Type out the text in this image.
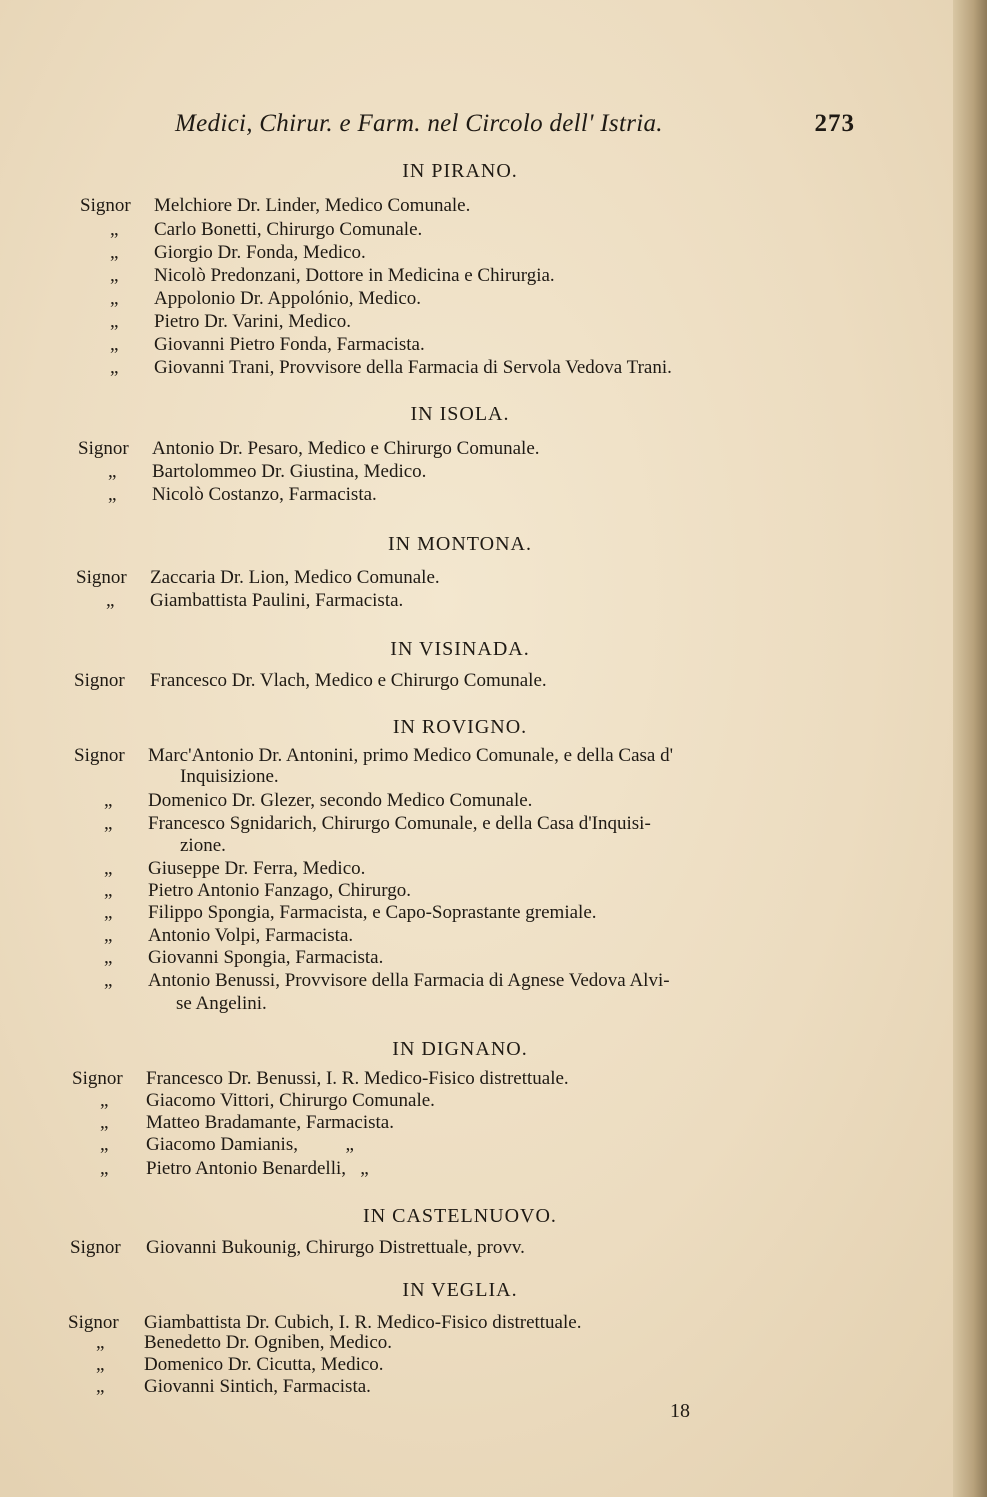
Medici, Chirur. e Farm. nel Circolo dell' Istria.	273
IN PIRANO.
Signor Melchiore Dr. Linder, Medico Comunale.
„ Carlo Bonetti, Chirurgo Comunale.
„ Giorgio Dr. Fonda, Medico.
„ Nicolò Predonzani, Dottore in Medicina e Chirurgia.
„ Appolonio Dr. Appolónio, Medico.
„ Pietro Dr. Varini, Medico.
„ Giovanni Pietro Fonda, Farmacista.
„ Giovanni Trani, Provvisore della Farmacia di Servola Vedova Trani.
IN ISOLA.
Signor Antonio Dr. Pesaro, Medico e Chirurgo Comunale.
„ Bartolommeo Dr. Giustina, Medico.
„ Nicolò Costanzo, Farmacista.
IN MONTONA.
Signor Zaccaria Dr. Lion, Medico Comunale.
„ Giambattista Paulini, Farmacista.
IN VISINADA.
Signor Francesco Dr. Vlach, Medico e Chirurgo Comunale.
IN ROVIGNO.
Signor Marc'Antonio Dr. Antonini, primo Medico Comunale, e della Casa d'
Inquisizione.
„ Domenico Dr. Glezer, secondo Medico Comunale.
„ Francesco Sgnidarich, Chirurgo Comunale, e della Casa d'Inquisi-
zione.
„ Giuseppe Dr. Ferra, Medico.
„ Pietro Antonio Fanzago, Chirurgo.
„ Filippo Spongia, Farmacista, e Capo-Soprastante gremiale.
„ Antonio Volpi, Farmacista.
„ Giovanni Spongia, Farmacista.
„ Antonio Benussi, Provvisore della Farmacia di Agnese Vedova Alvi-
se Angelini.
IN DIGNANO.
Signor Francesco Dr. Benussi, I. R. Medico-Fisico distrettuale.
„ Giacomo Vittori, Chirurgo Comunale.
„ Matteo Bradamante, Farmacista.
„ Giacomo Damianis,          „
„ Pietro Antonio Benardelli,   „
IN CASTELNUOVO.
Signor Giovanni Bukounig, Chirurgo Distrettuale, provv.
IN VEGLIA.
Signor Giambattista Dr. Cubich, I. R. Medico-Fisico distrettuale.
„ Benedetto Dr. Ogniben, Medico.
„ Domenico Dr. Cicutta, Medico.
„ Giovanni Sintich, Farmacista.
18
